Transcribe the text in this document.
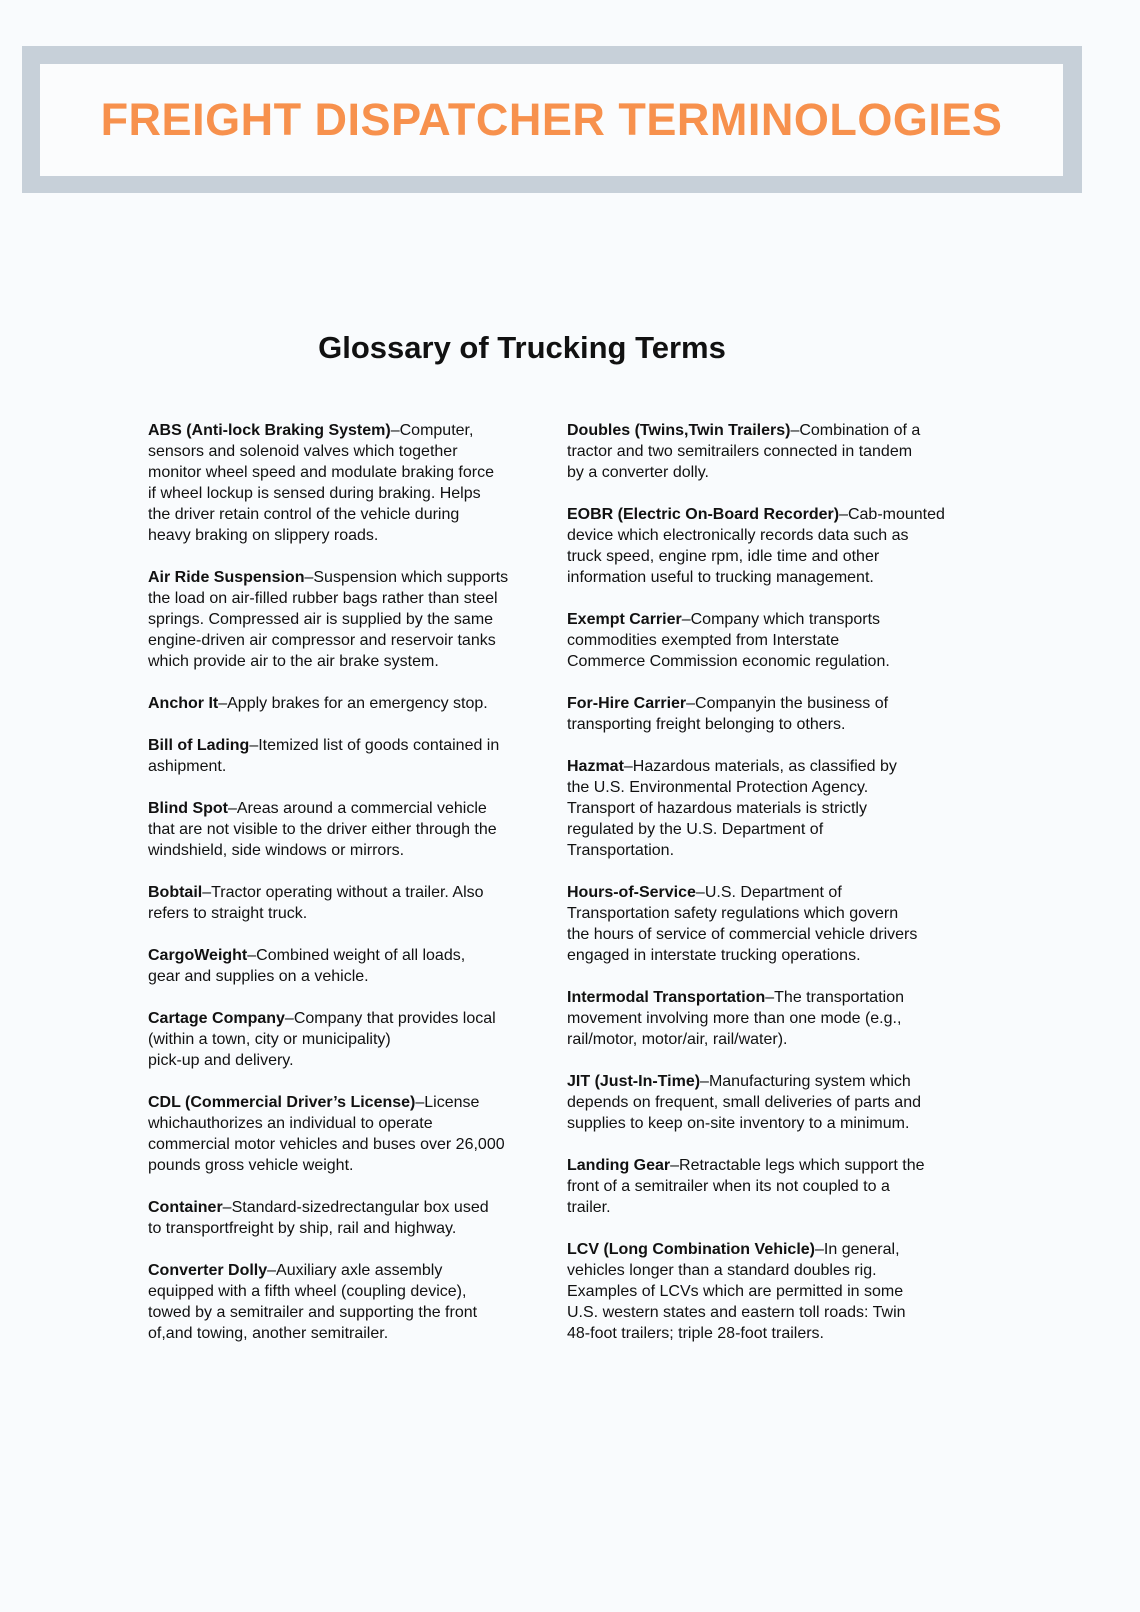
FREIGHT DISPATCHER TERMINOLOGIES
Glossary of Trucking Terms
ABS (Anti-lock Braking System)–Computer,
sensors and solenoid valves which together
monitor wheel speed and modulate braking force
if wheel lockup is sensed during braking. Helps
the driver retain control of the vehicle during
heavy braking on slippery roads.
Air Ride Suspension–Suspension which supports
the load on air-filled rubber bags rather than steel
springs. Compressed air is supplied by the same
engine-driven air compressor and reservoir tanks
which provide air to the air brake system.
Anchor It–Apply brakes for an emergency stop.
Bill of Lading–Itemized list of goods contained in
ashipment.
Blind Spot–Areas around a commercial vehicle
that are not visible to the driver either through the
windshield, side windows or mirrors.
Bobtail–Tractor operating without a trailer. Also
refers to straight truck.
CargoWeight–Combined weight of all loads,
gear and supplies on a vehicle.
Cartage Company–Company that provides local
(within a town, city or municipality)
pick-up and delivery.
CDL (Commercial Driver’s License)–License
whichauthorizes an individual to operate
commercial motor vehicles and buses over 26,000
pounds gross vehicle weight.
Container–Standard-sizedrectangular box used
to transportfreight by ship, rail and highway.
Converter Dolly–Auxiliary axle assembly
equipped with a fifth wheel (coupling device),
towed by a semitrailer and supporting the front
of,and towing, another semitrailer.
Doubles (Twins,Twin Trailers)–Combination of a
tractor and two semitrailers connected in tandem
by a converter dolly.
EOBR (Electric On-Board Recorder)–Cab-mounted
device which electronically records data such as
truck speed, engine rpm, idle time and other
information useful to trucking management.
Exempt Carrier–Company which transports
commodities exempted from Interstate
Commerce Commission economic regulation.
For-Hire Carrier–Companyin the business of
transporting freight belonging to others.
Hazmat–Hazardous materials, as classified by
the U.S. Environmental Protection Agency.
Transport of hazardous materials is strictly
regulated by the U.S. Department of
Transportation.
Hours-of-Service–U.S. Department of
Transportation safety regulations which govern
the hours of service of commercial vehicle drivers
engaged in interstate trucking operations.
Intermodal Transportation–The transportation
movement involving more than one mode (e.g.,
rail/motor, motor/air, rail/water).
JIT (Just-In-Time)–Manufacturing system which
depends on frequent, small deliveries of parts and
supplies to keep on-site inventory to a minimum.
Landing Gear–Retractable legs which support the
front of a semitrailer when its not coupled to a
trailer.
LCV (Long Combination Vehicle)–In general,
vehicles longer than a standard doubles rig.
Examples of LCVs which are permitted in some
U.S. western states and eastern toll roads: Twin
48-foot trailers; triple 28-foot trailers.
